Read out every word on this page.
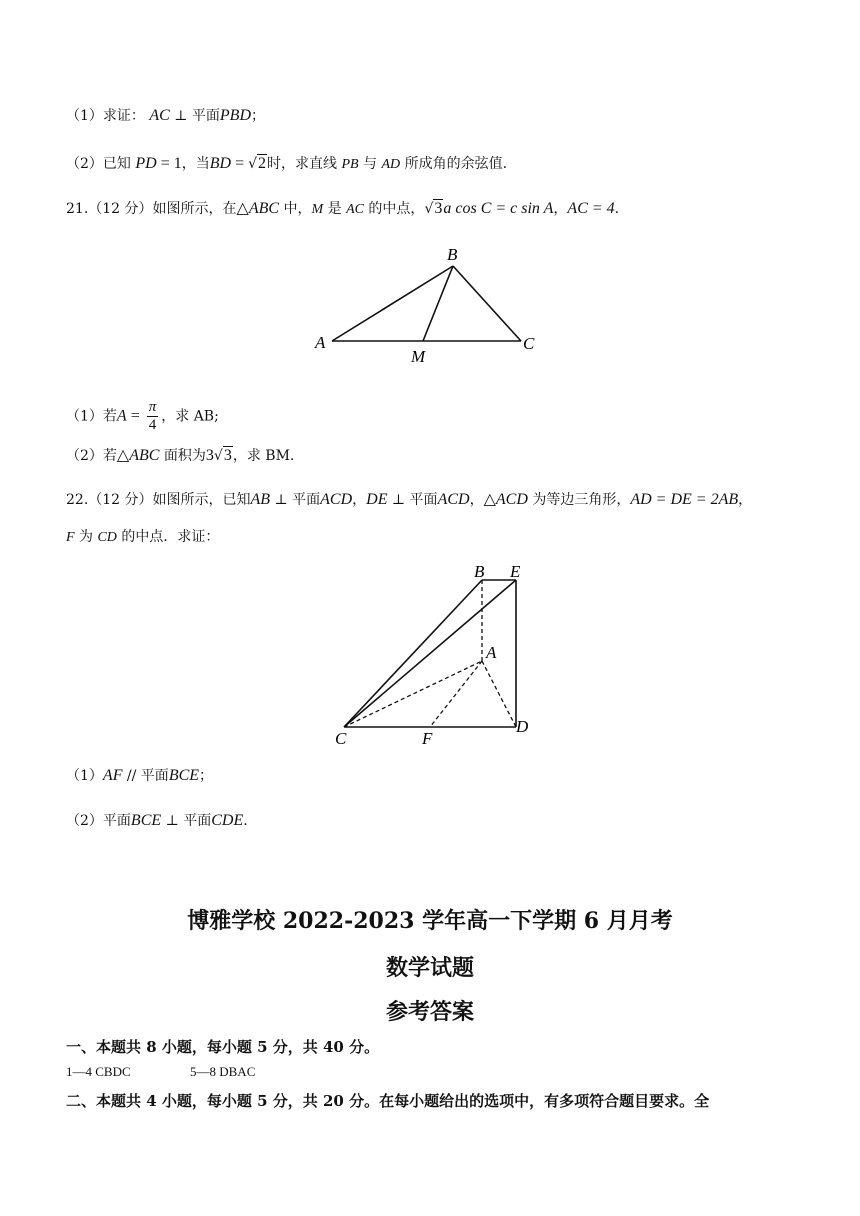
（1）求证： AC ⊥ 平面PBD；
（2）已知 PD = 1，当BD = √2时，求直线 PB 与 AD 所成角的余弦值.
21.（12 分）如图所示，在△ABC 中，M 是 AC 的中点，√3a cos C = c sin A，AC = 4.
B
A	C
M
（1）若$A = \frac{\pi}{4}$ ，求 AB;
（2）若△ABC 面积为3√3，求 BM.
22.（12 分）如图所示，已知AB ⊥ 平面ACD，DE ⊥ 平面ACD，△ACD 为等边三角形，AD = DE = 2AB，
F 为 CD 的中点．求证：
B E
A
C	F
D
（1）AF // 平面BCE；
（2）平面BCE ⊥ 平面CDE.
博雅学校 2022-2023 学年高一下学期 6 月月考
数学试题
参考答案
一、本题共 8 小题，每小题 5 分，共 40 分。
1—4 CBDC	5—8 DBAC
二、本题共 4 小题，每小题 5 分，共 20 分。在每小题给出的选项中，有多项符合题目要求。全
